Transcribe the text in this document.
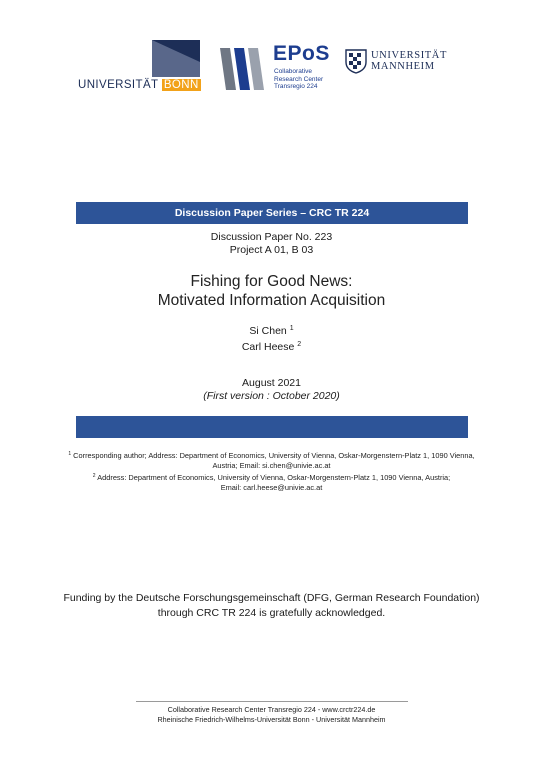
UNIVERSITÄT BONN
EPoS
Collaborative
Research Center
Transregio 224
UNIVERSITÄT
MANNHEIM
Discussion Paper Series – CRC TR 224
Discussion Paper No. 223
Project A 01, B 03
Fishing for Good News:
Motivated Information Acquisition
Si Chen $^1$
Carl Heese $^2$
August 2021
(First version : October 2020)
$^1$ Corresponding author; Address: Department of Economics, University of Vienna, Oskar-Morgenstern-Platz 1, 1090 Vienna,
Austria; Email: si.chen@univie.ac.at
$^2$ Address: Department of Economics, University of Vienna, Oskar-Morgenstern-Platz 1, 1090 Vienna, Austria;
Email: carl.heese@univie.ac.at
Funding by the Deutsche Forschungsgemeinschaft (DFG, German Research Foundation)
through CRC TR 224 is gratefully acknowledged.
Collaborative Research Center Transregio 224 - www.crctr224.de
Rheinische Friedrich-Wilhelms-Universität Bonn - Universität Mannheim
